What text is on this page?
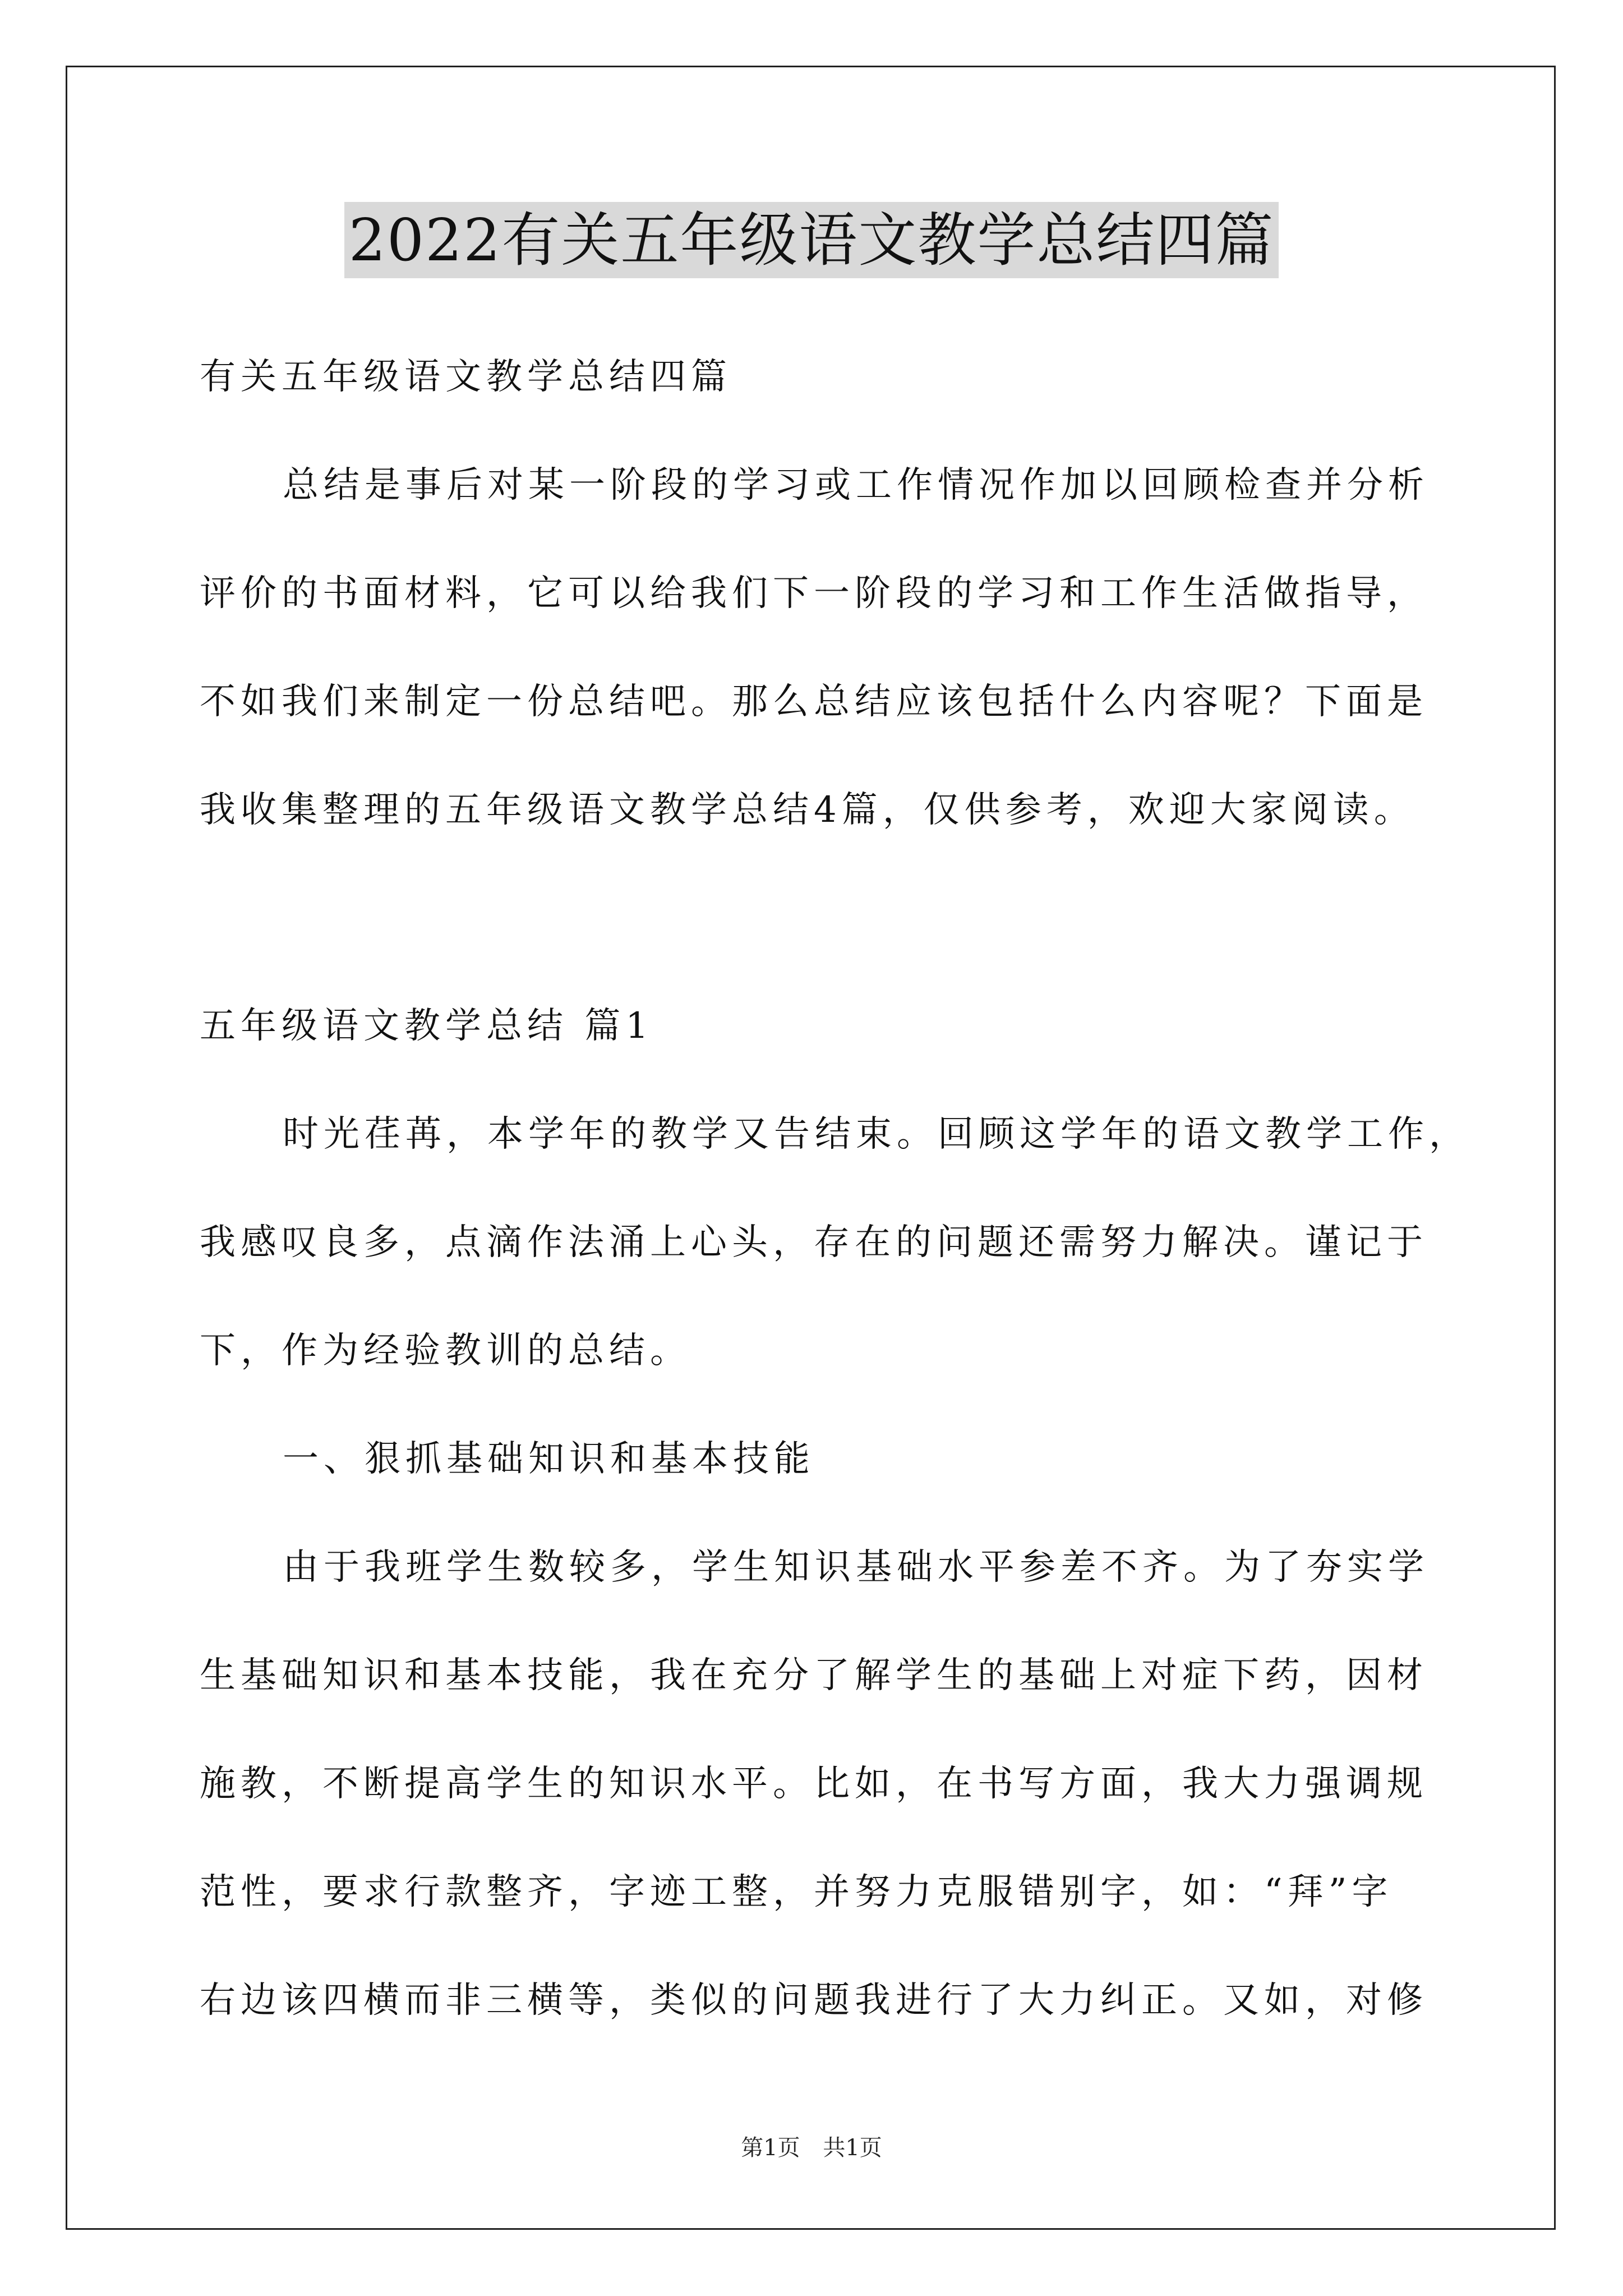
2022有关五年级语文教学总结四篇
有关五年级语文教学总结四篇
总结是事后对某一阶段的学习或工作情况作加以回顾检查并分析
评价的书面材料，它可以给我们下一阶段的学习和工作生活做指导，
不如我们来制定一份总结吧。那么总结应该包括什么内容呢？下面是
我收集整理的五年级语文教学总结4篇，仅供参考，欢迎大家阅读。
五年级语文教学总结 篇1
时光荏苒，本学年的教学又告结束。回顾这学年的语文教学工作，
我感叹良多，点滴作法涌上心头，存在的问题还需努力解决。谨记于
下，作为经验教训的总结。
一、狠抓基础知识和基本技能
由于我班学生数较多，学生知识基础水平参差不齐。为了夯实学
生基础知识和基本技能，我在充分了解学生的基础上对症下药，因材
施教，不断提高学生的知识水平。比如，在书写方面，我大力强调规
范性，要求行款整齐，字迹工整，并努力克服错别字，如：“拜”字
右边该四横而非三横等，类似的问题我进行了大力纠正。又如，对修
第1页 共1页
